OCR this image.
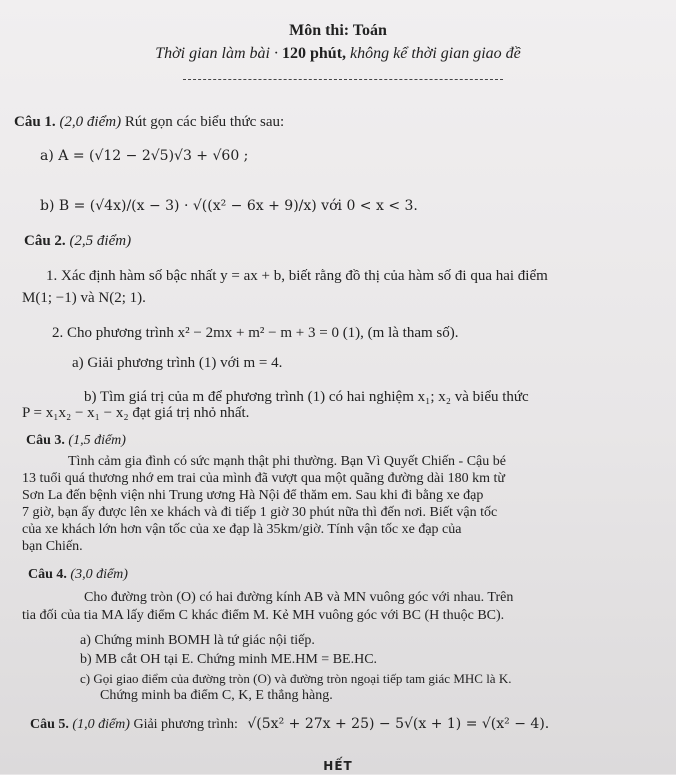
Môn thi: Toán
Thời gian làm bài · 120 phút, không kể thời gian giao đề
Câu 1. (2,0 điểm) Rút gọn các biểu thức sau:
a) A = (√12 − 2√5)√3 + √60 ;
b) B = (√4x)/(x − 3) · √((x² − 6x + 9)/x) với 0 < x < 3.
Câu 2. (2,5 điểm)
1. Xác định hàm số bậc nhất y = ax + b, biết rằng đồ thị của hàm số đi qua hai điểm
M(1; −1) và N(2; 1).
2. Cho phương trình x² − 2mx + m² − m + 3 = 0 (1), (m là tham số).
a) Giải phương trình (1) với m = 4.
b) Tìm giá trị của m để phương trình (1) có hai nghiệm x₁; x₂ và biểu thức
P = x₁x₂ − x₁ − x₂ đạt giá trị nhỏ nhất.
Câu 3. (1,5 điểm)
Tình cảm gia đình có sức mạnh thật phi thường. Bạn Vì Quyết Chiến - Cậu bé
13 tuổi quá thương nhớ em trai của mình đã vượt qua một quãng đường dài 180 km từ
Sơn La đến bệnh viện nhi Trung ương Hà Nội để thăm em. Sau khi đi bằng xe đạp
7 giờ, bạn ấy được lên xe khách và đi tiếp 1 giờ 30 phút nữa thì đến nơi. Biết vận tốc
của xe khách lớn hơn vận tốc của xe đạp là 35km/giờ. Tính vận tốc xe đạp của
bạn Chiến.
Câu 4. (3,0 điểm)
Cho đường tròn (O) có hai đường kính AB và MN vuông góc với nhau. Trên
tia đối của tia MA lấy điểm C khác điểm M. Kẻ MH vuông góc với BC (H thuộc BC).
a) Chứng minh BOMH là tứ giác nội tiếp.
b) MB cắt OH tại E. Chứng minh ME.HM = BE.HC.
c) Gọi giao điểm của đường tròn (O) và đường tròn ngoại tiếp tam giác MHC là K.
Chứng minh ba điểm C, K, E thẳng hàng.
Câu 5. (1,0 điểm) Giải phương trình: √(5x² + 27x + 25) − 5√(x + 1) = √(x² − 4).
HẾT
